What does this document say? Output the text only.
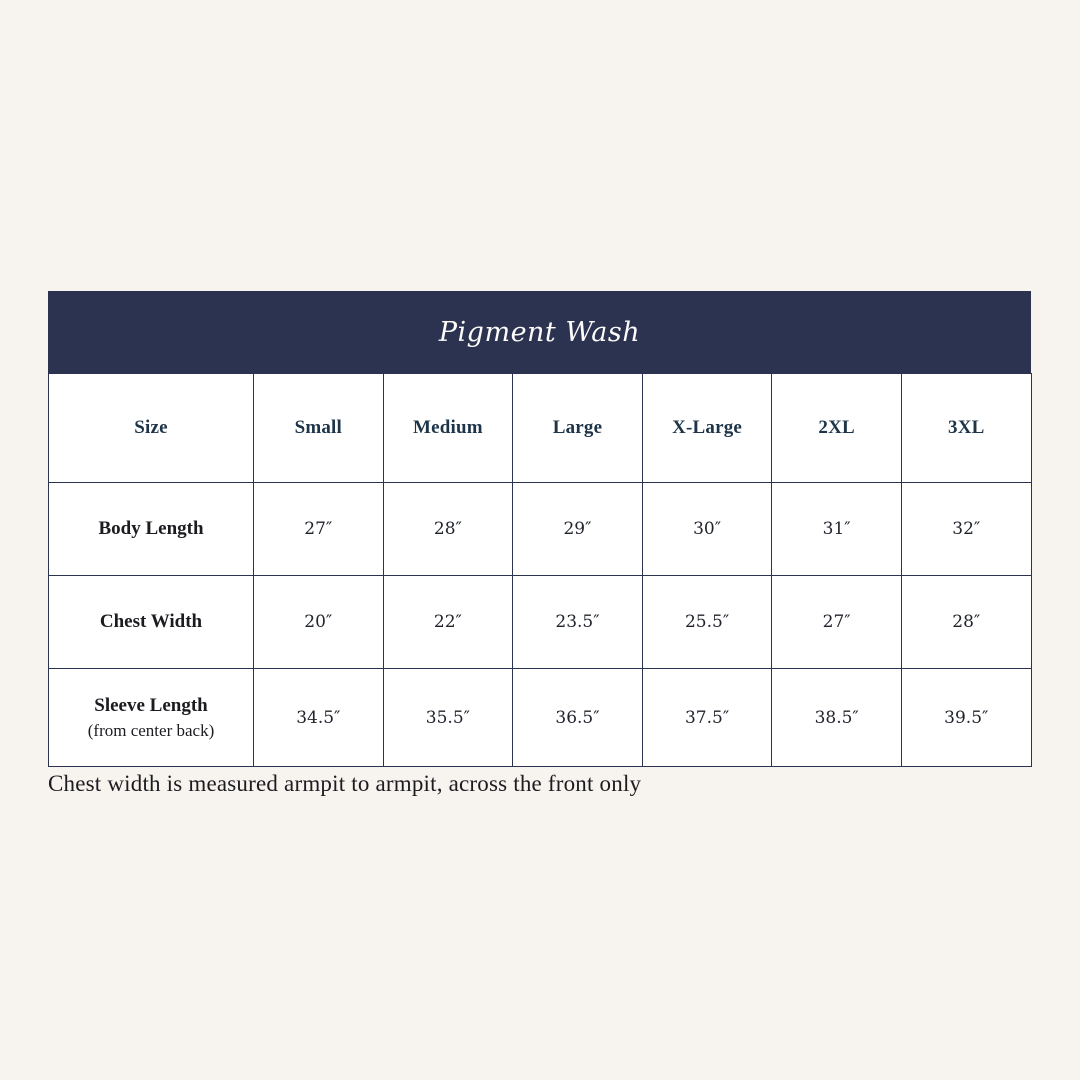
Pigment Wash
Size	Small	Medium	Large	X-Large	2XL	3XL
Body Length	27″	28″	29″	30″	31″	32″
Chest Width	20″	22″	23.5″	25.5″	27″	28″
Sleeve Length
(from center back)	34.5″	35.5″	36.5″	37.5″	38.5″	39.5″
Chest width is measured armpit to armpit, across the front only
